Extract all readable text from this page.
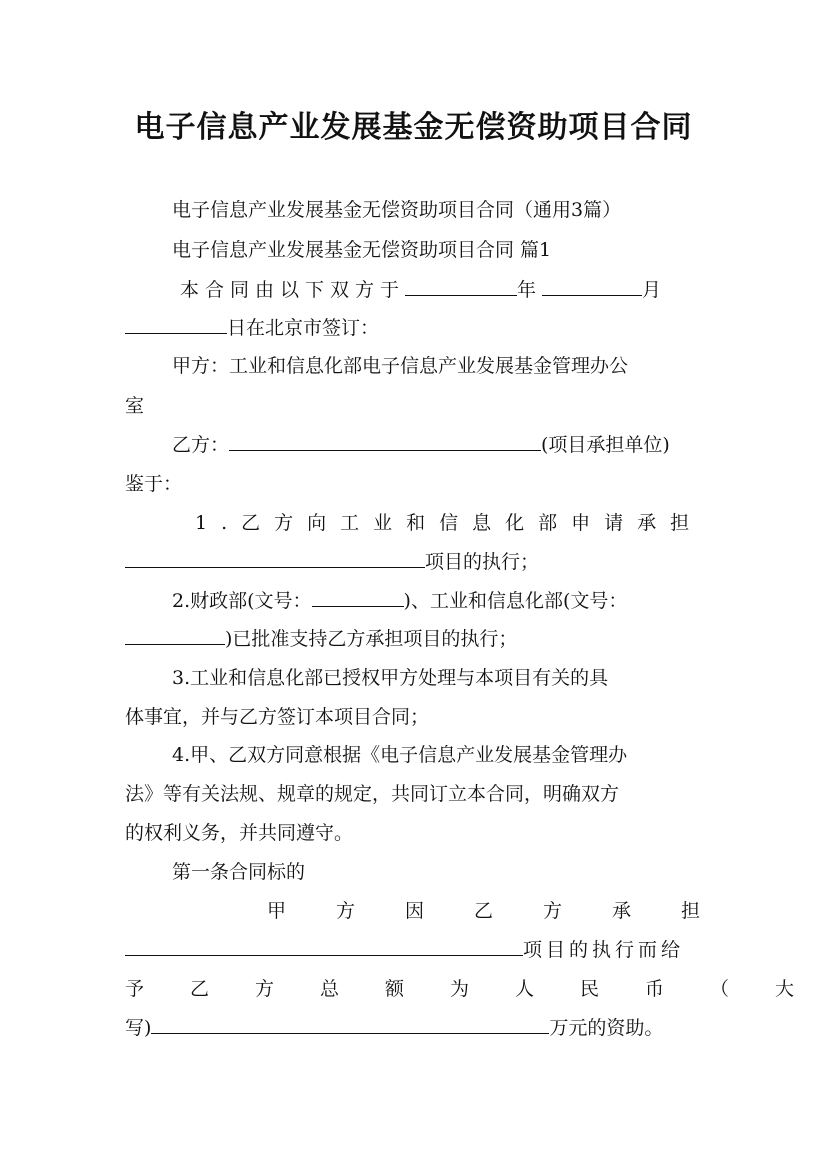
电子信息产业发展基金无偿资助项目合同
电子信息产业发展基金无偿资助项目合同（通用3篇）
电子信息产业发展基金无偿资助项目合同 篇1
本合同由以下双方于	年	月
日在北京市签订：
甲方：工业和信息化部电子信息产业发展基金管理办公
室
乙方：	(项目承担单位)
鉴于：
1.乙方向工业和信息化部申请承担
项目的执行；
2.财政部(文号：	)、工业和信息化部(文号：
)已批准支持乙方承担项目的执行；
3.工业和信息化部已授权甲方处理与本项目有关的具
体事宜，并与乙方签订本项目合同；
4.甲、乙双方同意根据《电子信息产业发展基金管理办
法》等有关法规、规章的规定，共同订立本合同，明确双方
的权利义务，并共同遵守。
第一条合同标的
甲方因乙方承担
项目的执行而给
予乙方总额为人民币（大
写)	万元的资助。
